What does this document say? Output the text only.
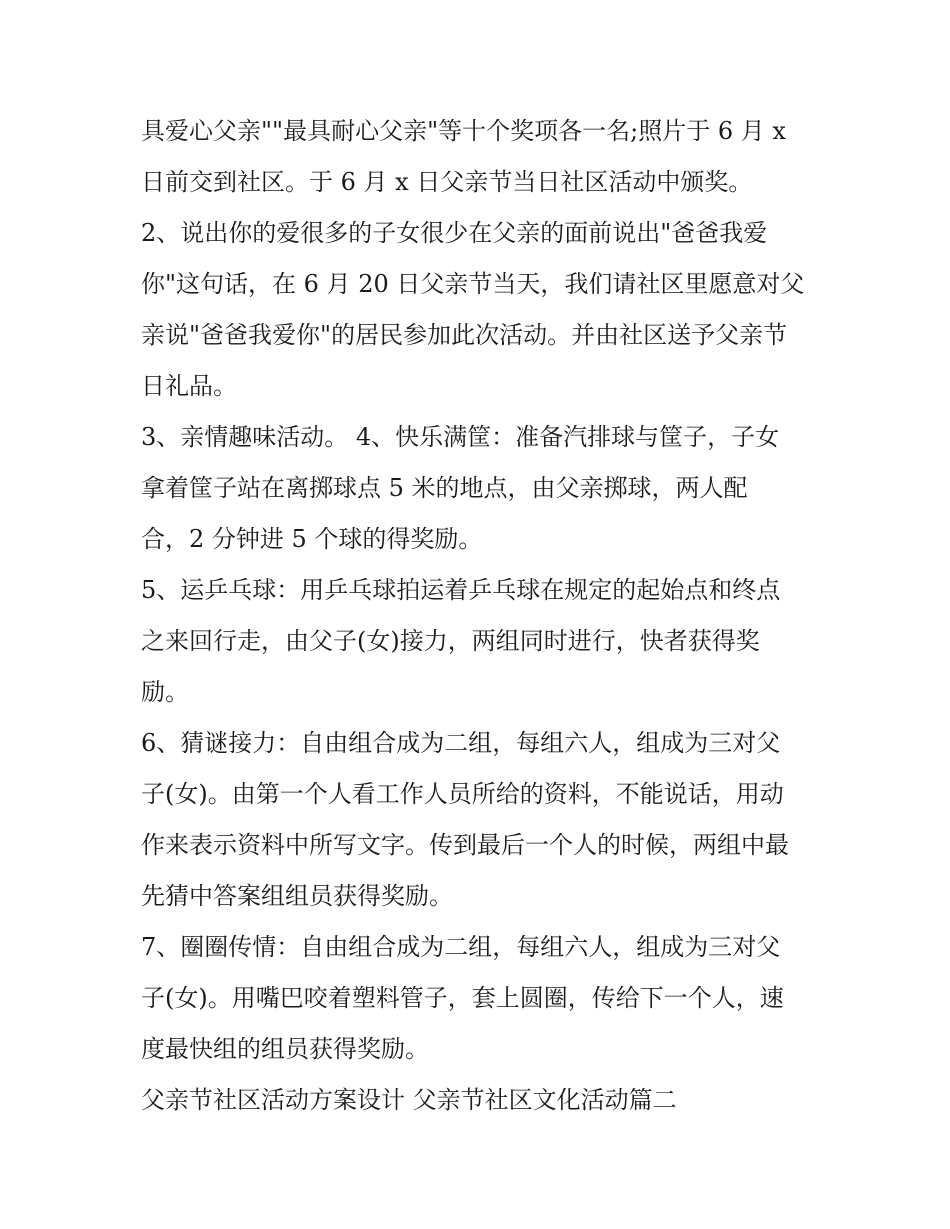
具爱心父亲""最具耐心父亲"等十个奖项各一名;照片于 6 月 x
日前交到社区。于 6 月 x 日父亲节当日社区活动中颁奖。
2、说出你的爱很多的子女很少在父亲的面前说出"爸爸我爱
你"这句话，在 6 月 20 日父亲节当天，我们请社区里愿意对父
亲说"爸爸我爱你"的居民参加此次活动。并由社区送予父亲节
日礼品。
3、亲情趣味活动。 4、快乐满筐：准备汽排球与筐子，子女
拿着筐子站在离掷球点 5 米的地点，由父亲掷球，两人配
合，2 分钟进 5 个球的得奖励。
5、运乒乓球：用乒乓球拍运着乒乓球在规定的起始点和终点
之来回行走，由父子(女)接力，两组同时进行，快者获得奖
励。
6、猜谜接力：自由组合成为二组，每组六人，组成为三对父
子(女)。由第一个人看工作人员所给的资料，不能说话，用动
作来表示资料中所写文字。传到最后一个人的时候，两组中最
先猜中答案组组员获得奖励。
7、圈圈传情：自由组合成为二组，每组六人，组成为三对父
子(女)。用嘴巴咬着塑料管子，套上圆圈，传给下一个人，速
度最快组的组员获得奖励。
父亲节社区活动方案设计 父亲节社区文化活动篇二
